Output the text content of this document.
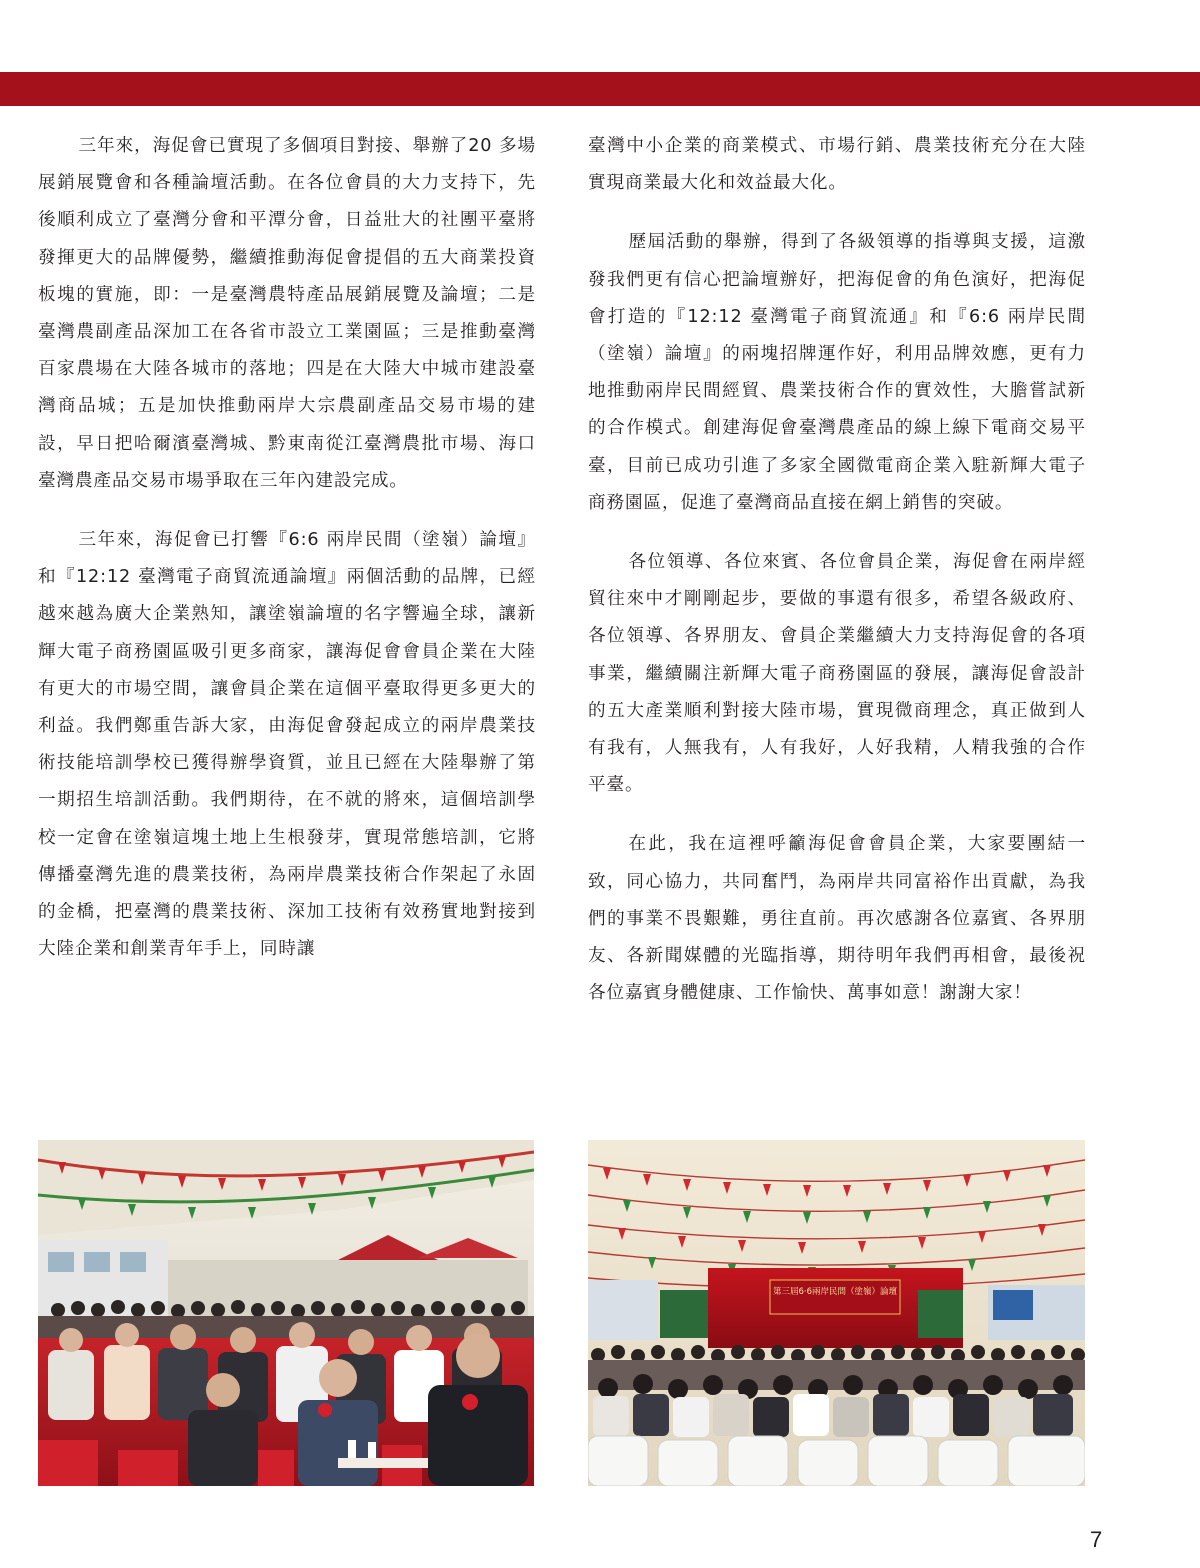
三年來，海促會已實現了多個項目對接、舉辦了20 多場展銷展覽會和各種論壇活動。在各位會員的大力支持下，先後順利成立了臺灣分會和平潭分會，日益壯大的社團平臺將發揮更大的品牌優勢，繼續推動海促會提倡的五大商業投資板塊的實施，即：一是臺灣農特產品展銷展覽及論壇；二是臺灣農副產品深加工在各省市設立工業園區；三是推動臺灣百家農場在大陸各城市的落地；四是在大陸大中城市建設臺灣商品城；五是加快推動兩岸大宗農副產品交易市場的建設，早日把哈爾濱臺灣城、黔東南從江臺灣農批市場、海口臺灣農產品交易市場爭取在三年內建設完成。

三年來，海促會已打響『6:6 兩岸民間（塗嶺）論壇』和『12:12 臺灣電子商貿流通論壇』兩個活動的品牌，已經越來越為廣大企業熟知，讓塗嶺論壇的名字響遍全球，讓新輝大電子商務園區吸引更多商家，讓海促會會員企業在大陸有更大的市場空間，讓會員企業在這個平臺取得更多更大的利益。我們鄭重告訴大家，由海促會發起成立的兩岸農業技術技能培訓學校已獲得辦學資質，並且已經在大陸舉辦了第一期招生培訓活動。我們期待，在不就的將來，這個培訓學校一定會在塗嶺這塊土地上生根發芽，實現常態培訓，它將傳播臺灣先進的農業技術，為兩岸農業技術合作架起了永固的金橋，把臺灣的農業技術、深加工技術有效務實地對接到大陸企業和創業青年手上，同時讓

臺灣中小企業的商業模式、市場行銷、農業技術充分在大陸實現商業最大化和效益最大化。

歷屆活動的舉辦，得到了各級領導的指導與支援，這激發我們更有信心把論壇辦好，把海促會的角色演好，把海促會打造的『12:12 臺灣電子商貿流通』和『6:6 兩岸民間（塗嶺）論壇』的兩塊招牌運作好，利用品牌效應，更有力地推動兩岸民間經貿、農業技術合作的實效性，大膽嘗試新的合作模式。創建海促會臺灣農產品的線上線下電商交易平臺，目前已成功引進了多家全國微電商企業入駐新輝大電子商務園區，促進了臺灣商品直接在網上銷售的突破。

各位領導、各位來賓、各位會員企業，海促會在兩岸經貿往來中才剛剛起步，要做的事還有很多，希望各級政府、各位領導、各界朋友、會員企業繼續大力支持海促會的各項事業，繼續關注新輝大電子商務園區的發展，讓海促會設計的五大產業順利對接大陸市場，實現微商理念，真正做到人有我有，人無我有，人有我好，人好我精，人精我強的合作平臺。

在此，我在這裡呼籲海促會會員企業，大家要團結一致，同心協力，共同奮鬥，為兩岸共同富裕作出貢獻，為我們的事業不畏艱難，勇往直前。再次感謝各位嘉賓、各界朋友、各新聞媒體的光臨指導，期待明年我們再相會，最後祝各位嘉賓身體健康、工作愉快、萬事如意！謝謝大家！

第三屆6·6兩岸民間（塗嶺）論壇
7
